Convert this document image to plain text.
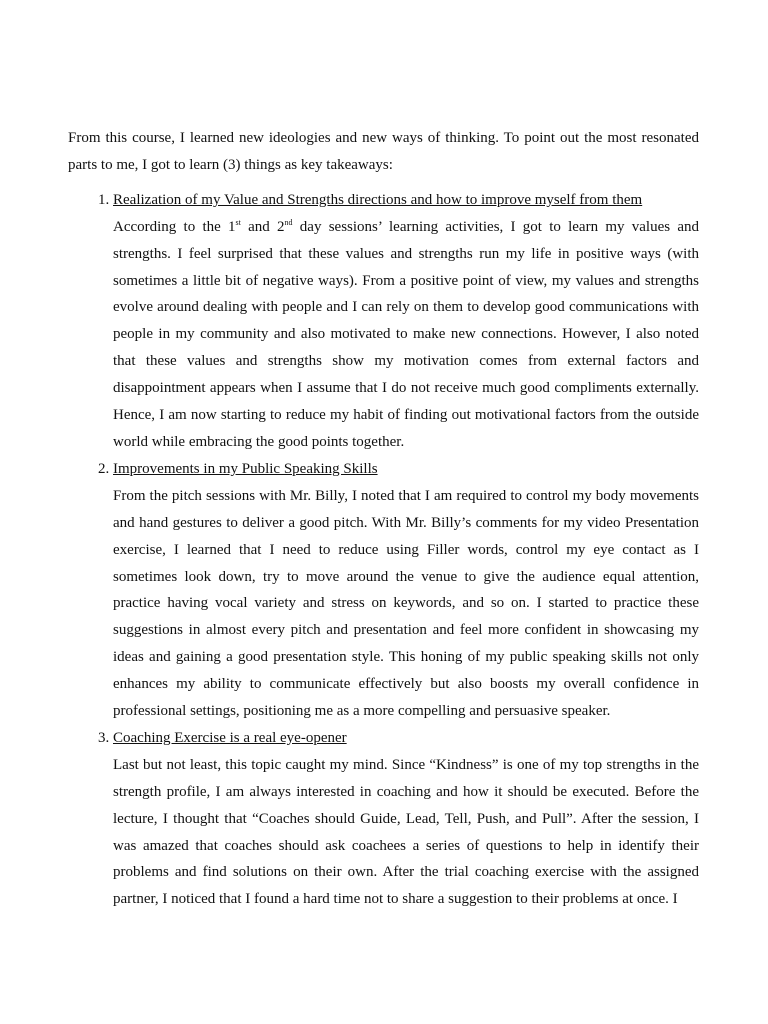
From this course, I learned new ideologies and new ways of thinking. To point out the most resonated parts to me, I got to learn (3) things as key takeaways:

1. Realization of my Value and Strengths directions and how to improve myself from them
According to the 1st and 2nd day sessions’ learning activities, I got to learn my values and strengths. I feel surprised that these values and strengths run my life in positive ways (with sometimes a little bit of negative ways). From a positive point of view, my values and strengths evolve around dealing with people and I can rely on them to develop good communications with people in my community and also motivated to make new connections. However, I also noted that these values and strengths show my motivation comes from external factors and disappointment appears when I assume that I do not receive much good compliments externally. Hence, I am now starting to reduce my habit of finding out motivational factors from the outside world while embracing the good points together.
2. Improvements in my Public Speaking Skills
From the pitch sessions with Mr. Billy, I noted that I am required to control my body movements and hand gestures to deliver a good pitch. With Mr. Billy’s comments for my video Presentation exercise, I learned that I need to reduce using Filler words, control my eye contact as I sometimes look down, try to move around the venue to give the audience equal attention, practice having vocal variety and stress on keywords, and so on. I started to practice these suggestions in almost every pitch and presentation and feel more confident in showcasing my ideas and gaining a good presentation style. This honing of my public speaking skills not only enhances my ability to communicate effectively but also boosts my overall confidence in professional settings, positioning me as a more compelling and persuasive speaker.
3. Coaching Exercise is a real eye-opener
Last but not least, this topic caught my mind. Since “Kindness” is one of my top strengths in the strength profile, I am always interested in coaching and how it should be executed. Before the lecture, I thought that “Coaches should Guide, Lead, Tell, Push, and Pull”. After the session, I was amazed that coaches should ask coachees a series of questions to help in identify their problems and find solutions on their own. After the trial coaching exercise with the assigned partner, I noticed that I found a hard time not to share a suggestion to their problems at once. I
